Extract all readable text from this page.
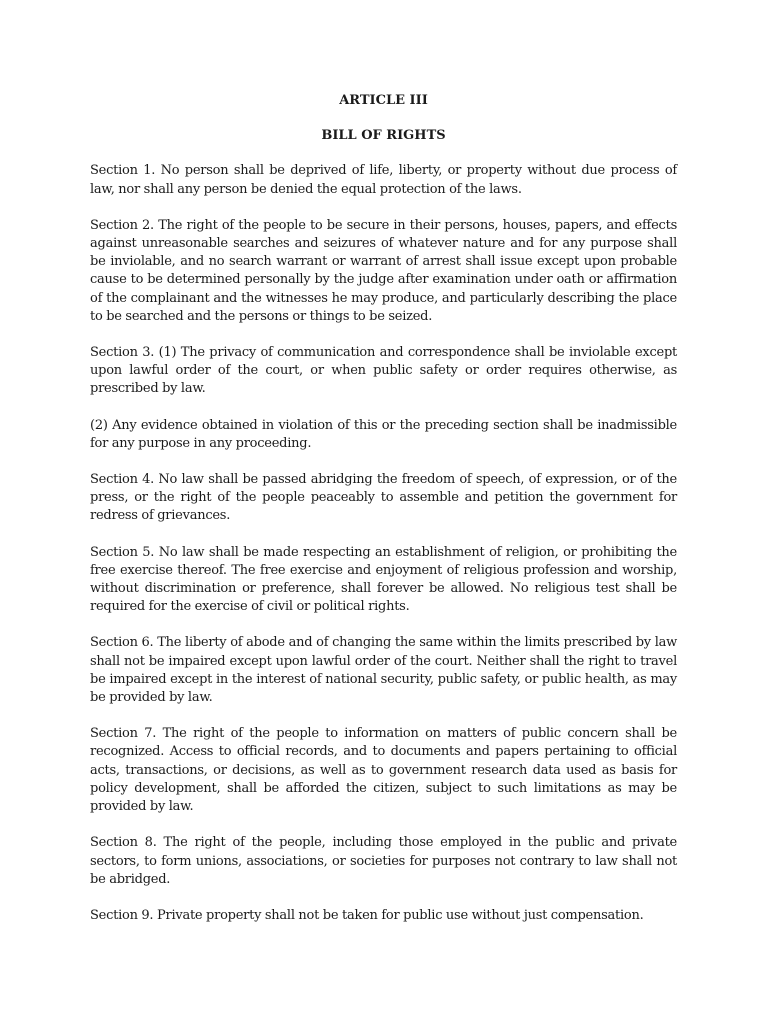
ARTICLE III

BILL OF RIGHTS

Section 1. No person shall be deprived of life, liberty, or property without due process of law, nor shall any person be denied the equal protection of the laws.

Section 2. The right of the people to be secure in their persons, houses, papers, and effects against unreasonable searches and seizures of whatever nature and for any purpose shall be inviolable, and no search warrant or warrant of arrest shall issue except upon probable cause to be determined personally by the judge after examination under oath or affirmation of the complainant and the witnesses he may produce, and particularly describing the place to be searched and the persons or things to be seized.

Section 3. (1) The privacy of communication and correspondence shall be inviolable except upon lawful order of the court, or when public safety or order requires otherwise, as prescribed by law.

(2) Any evidence obtained in violation of this or the preceding section shall be inadmissible for any purpose in any proceeding.

Section 4. No law shall be passed abridging the freedom of speech, of expression, or of the press, or the right of the people peaceably to assemble and petition the government for redress of grievances.

Section 5. No law shall be made respecting an establishment of religion, or prohibiting the free exercise thereof. The free exercise and enjoyment of religious profession and worship, without discrimination or preference, shall forever be allowed. No religious test shall be required for the exercise of civil or political rights.

Section 6. The liberty of abode and of changing the same within the limits prescribed by law shall not be impaired except upon lawful order of the court. Neither shall the right to travel be impaired except in the interest of national security, public safety, or public health, as may be provided by law.

Section 7. The right of the people to information on matters of public concern shall be recognized. Access to official records, and to documents and papers pertaining to official acts, transactions, or decisions, as well as to government research data used as basis for policy development, shall be afforded the citizen, subject to such limitations as may be provided by law.

Section 8. The right of the people, including those employed in the public and private sectors, to form unions, associations, or societies for purposes not contrary to law shall not be abridged.

Section 9. Private property shall not be taken for public use without just compensation.
